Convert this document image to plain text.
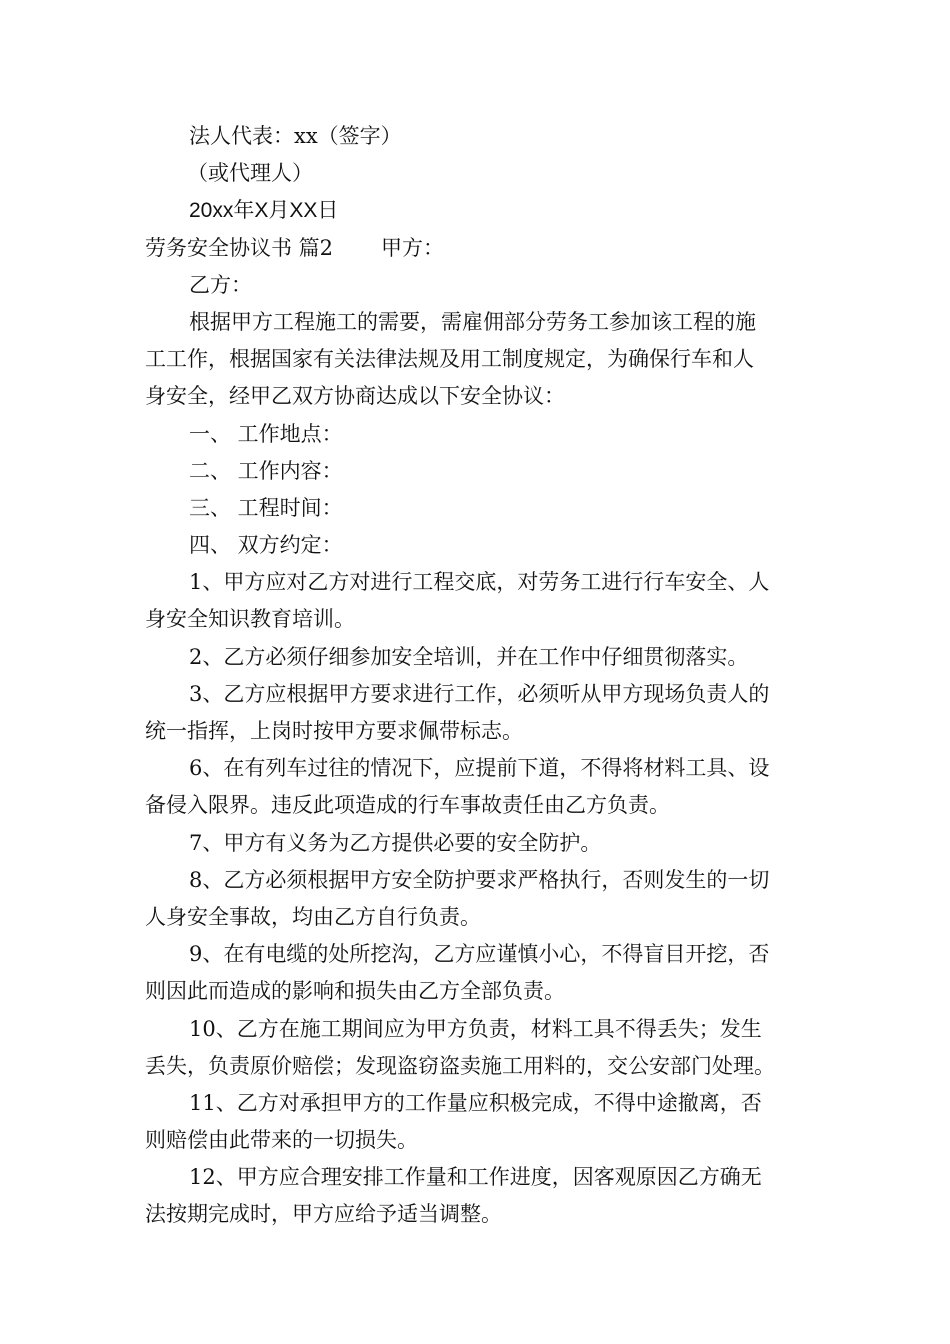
法人代表：xx（签字）
（或代理人）
20xx年X月XX日
劳务安全协议书 篇2 甲方：
乙方：
根据甲方工程施工的需要，需雇佣部分劳务工参加该工程的施
工工作，根据国家有关法律法规及用工制度规定，为确保行车和人
身安全，经甲乙双方协商达成以下安全协议：
一、 工作地点：
二、 工作内容：
三、 工程时间：
四、 双方约定：
1、甲方应对乙方对进行工程交底，对劳务工进行行车安全、人
身安全知识教育培训。
2、乙方必须仔细参加安全培训，并在工作中仔细贯彻落实。
3、乙方应根据甲方要求进行工作，必须听从甲方现场负责人的
统一指挥，上岗时按甲方要求佩带标志。
6、在有列车过往的情况下，应提前下道，不得将材料工具、设
备侵入限界。违反此项造成的行车事故责任由乙方负责。
7、甲方有义务为乙方提供必要的安全防护。
8、乙方必须根据甲方安全防护要求严格执行，否则发生的一切
人身安全事故，均由乙方自行负责。
9、在有电缆的处所挖沟，乙方应谨慎小心，不得盲目开挖，否
则因此而造成的影响和损失由乙方全部负责。
10、乙方在施工期间应为甲方负责，材料工具不得丢失；发生
丢失，负责原价赔偿；发现盗窃盗卖施工用料的，交公安部门处理。
11、乙方对承担甲方的工作量应积极完成，不得中途撤离，否
则赔偿由此带来的一切损失。
12、甲方应合理安排工作量和工作进度，因客观原因乙方确无
法按期完成时，甲方应给予适当调整。
